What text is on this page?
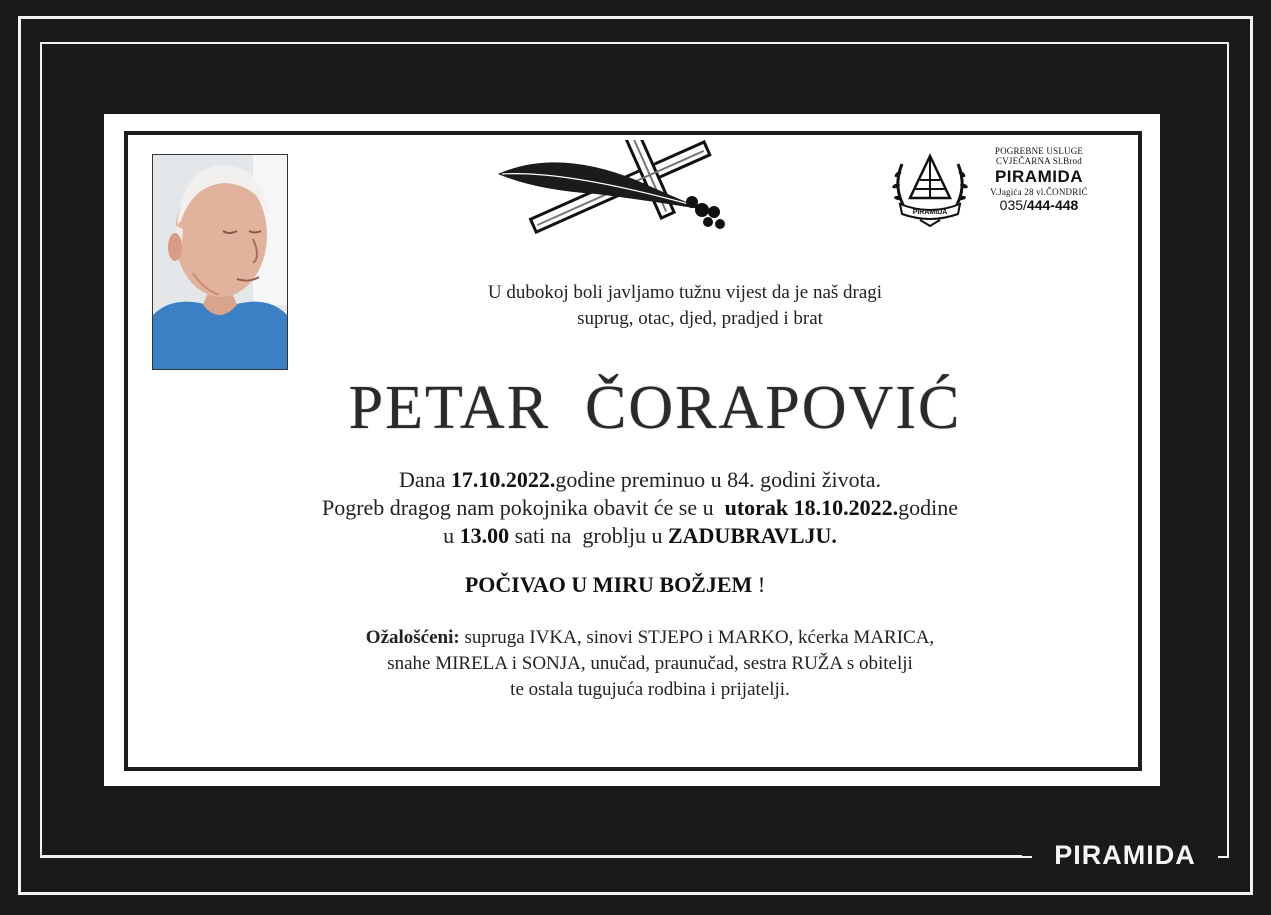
PIRAMIDA
PIRAMIDA
POGREBNE USLUGE
CVJEČARNA Sl.Brod
PIRAMIDA
V.Jagića 28 vl.ČONDRIĆ
035/444-448
U dubokoj boli javljamo tužnu vijest da je naš dragi
suprug, otac, djed, pradjed i brat
PETAR  ČORAPOVIĆ
Dana 17.10.2022.godine preminuo u 84. godini života.
Pogreb dragog nam pokojnika obavit će se u  utorak 18.10.2022.godine
u 13.00 sati na  groblju u ZADUBRAVLJU.
POČIVAO U MIRU BOŽJEM !
Ožalošćeni: supruga IVKA, sinovi STJEPO i MARKO, kćerka MARICA,
snahe MIRELA i SONJA, unučad, praunučad, sestra RUŽA s obitelji
te ostala tugujuća rodbina i prijatelji.
